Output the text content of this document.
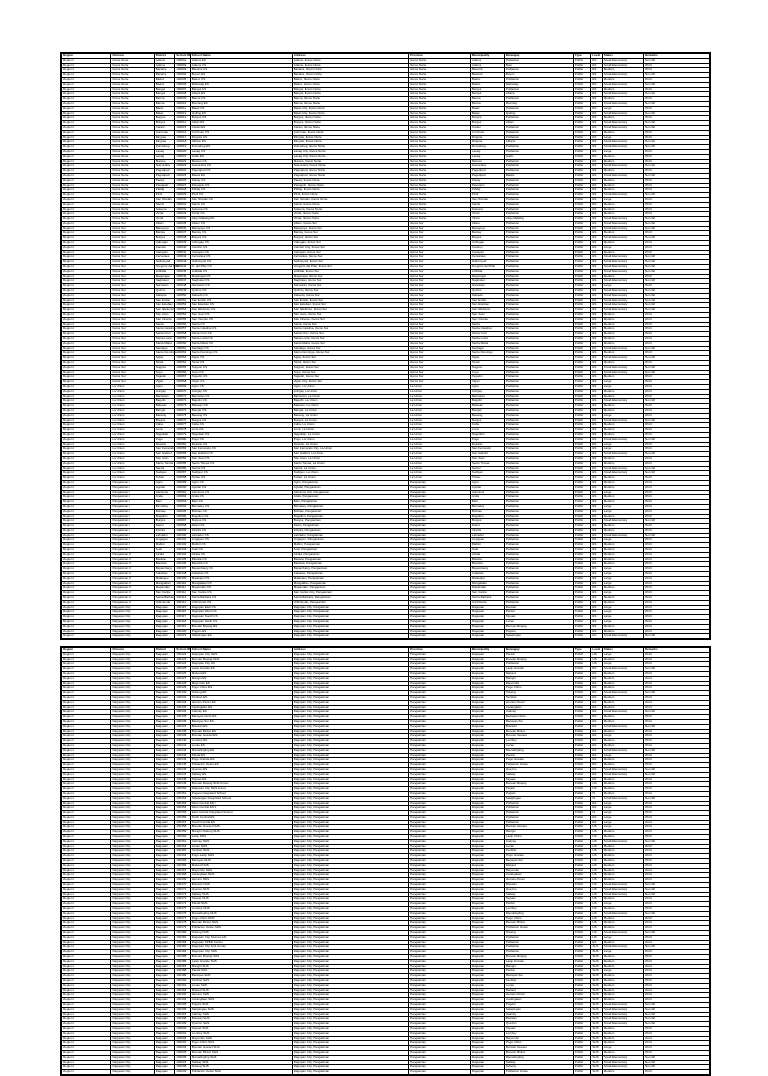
Region	Division	District	School ID	School Name	Address	Province	Municipality	Barangay	Type	Level	Status	Remarks
Region I	Ilocos Norte	Adams	100001	Adams ES	Adams, Ilocos Norte	Ilocos Norte	Adams	Poblacion	Public	ES	Small Elementary	Non-Wi
Region I	Ilocos Norte	Adams	100002	Adams CS	Adams, Ilocos Norte	Ilocos Norte	Adams	Bolo	Public	ES	Small Elementary	Wi-Fi
Region I	Ilocos Norte	Bacarra	100003	Bacarra CS	Bacarra, Ilocos Norte	Ilocos Norte	Bacarra	Poblacion	Public	ES	Medium	Wi-Fi
Region I	Ilocos Norte	Bacarra	100004	Buyon ES	Bacarra, Ilocos Norte	Ilocos Norte	Bacarra	Buyon	Public	ES	Small Elementary	Non-Wi
Region I	Ilocos Norte	Badoc	100005	Badoc CS	Badoc, Ilocos Norte	Ilocos Norte	Badoc	Poblacion	Public	ES	Medium	Wi-Fi
Region I	Ilocos Norte	Badoc	100006	Mabusag ES	Badoc, Ilocos Norte	Ilocos Norte	Badoc	Mabusag	Public	ES	Small Elementary	Non-Wi
Region I	Ilocos Norte	Bangui	100007	Bangui CS	Bangui, Ilocos Norte	Ilocos Norte	Bangui	Poblacion	Public	ES	Medium	Wi-Fi
Region I	Ilocos Norte	Bangui	100008	Abaca ES	Bangui, Ilocos Norte	Ilocos Norte	Bangui	Abaca	Public	ES	Small Elementary	Non-Wi
Region I	Ilocos Norte	Banna	100009	Banna CS	Banna, Ilocos Norte	Ilocos Norte	Banna	Poblacion	Public	ES	Medium	Wi-Fi
Region I	Ilocos Norte	Banna	100010	Bomitog ES	Banna, Ilocos Norte	Ilocos Norte	Banna	Bomitog	Public	ES	Small Elementary	Non-Wi
Region I	Ilocos Norte	Batac	100011	Batac CS	Batac City, Ilocos Norte	Ilocos Norte	Batac	Poblacion	Public	ES	Large	Wi-Fi
Region I	Ilocos Norte	Batac	100012	Quiling ES	Batac City, Ilocos Norte	Ilocos Norte	Batac	Quiling	Public	ES	Small Elementary	Non-Wi
Region I	Ilocos Norte	Burgos	100013	Burgos CS	Burgos, Ilocos Norte	Ilocos Norte	Burgos	Poblacion	Public	ES	Medium	Wi-Fi
Region I	Ilocos Norte	Burgos	100014	Ablan ES	Burgos, Ilocos Norte	Ilocos Norte	Burgos	Ablan	Public	ES	Small Elementary	Non-Wi
Region I	Ilocos Norte	Carasi	100015	Carasi ES	Carasi, Ilocos Norte	Ilocos Norte	Carasi	Poblacion	Public	ES	Small Elementary	Non-Wi
Region I	Ilocos Norte	Currimao	100016	Currimao CS	Currimao, Ilocos Norte	Ilocos Norte	Currimao	Poblacion	Public	ES	Medium	Wi-Fi
Region I	Ilocos Norte	Dingras	100017	Dingras CS	Dingras, Ilocos Norte	Ilocos Norte	Dingras	Poblacion	Public	ES	Large	Wi-Fi
Region I	Ilocos Norte	Dingras	100018	Albano ES	Dingras, Ilocos Norte	Ilocos Norte	Dingras	Albano	Public	ES	Small Elementary	Non-Wi
Region I	Ilocos Norte	Dumalneg	100019	Dumalneg ES	Dumalneg, Ilocos Norte	Ilocos Norte	Dumalneg	Poblacion	Public	ES	Small Elementary	Non-Wi
Region I	Ilocos Norte	Laoag	100020	Laoag CS	Laoag City, Ilocos Norte	Ilocos Norte	Laoag	Poblacion	Public	ES	Large	Wi-Fi
Region I	Ilocos Norte	Laoag	100021	Gabu ES	Laoag City, Ilocos Norte	Ilocos Norte	Laoag	Gabu	Public	ES	Medium	Wi-Fi
Region I	Ilocos Norte	Marcos	100022	Marcos CS	Marcos, Ilocos Norte	Ilocos Norte	Marcos	Poblacion	Public	ES	Medium	Wi-Fi
Region I	Ilocos Norte	Nueva Era	100023	Nueva Era CS	Nueva Era, Ilocos Norte	Ilocos Norte	Nueva Era	Poblacion	Public	ES	Small Elementary	Non-Wi
Region I	Ilocos Norte	Pagudpud	100024	Pagudpud CS	Pagudpud, Ilocos Norte	Ilocos Norte	Pagudpud	Poblacion	Public	ES	Medium	Wi-Fi
Region I	Ilocos Norte	Pagudpud	100025	Balaoi ES	Pagudpud, Ilocos Norte	Ilocos Norte	Pagudpud	Balaoi	Public	ES	Small Elementary	Non-Wi
Region I	Ilocos Norte	Paoay	100026	Paoay CS	Paoay, Ilocos Norte	Ilocos Norte	Paoay	Poblacion	Public	ES	Medium	Wi-Fi
Region I	Ilocos Norte	Pasuquin	100027	Pasuquin CS	Pasuquin, Ilocos Norte	Ilocos Norte	Pasuquin	Poblacion	Public	ES	Medium	Wi-Fi
Region I	Ilocos Norte	Piddig	100028	Piddig CS	Piddig, Ilocos Norte	Ilocos Norte	Piddig	Poblacion	Public	ES	Medium	Wi-Fi
Region I	Ilocos Norte	Pinili	100029	Pinili CS	Pinili, Ilocos Norte	Ilocos Norte	Pinili	Poblacion	Public	ES	Small Elementary	Non-Wi
Region I	Ilocos Norte	San Nicolas	100030	San Nicolas CS	San Nicolas, Ilocos Norte	Ilocos Norte	San Nicolas	Poblacion	Public	ES	Large	Wi-Fi
Region I	Ilocos Norte	Sarrat	100031	Sarrat CS	Sarrat, Ilocos Norte	Ilocos Norte	Sarrat	Poblacion	Public	ES	Medium	Wi-Fi
Region I	Ilocos Norte	Solsona	100032	Solsona CS	Solsona, Ilocos Norte	Ilocos Norte	Solsona	Poblacion	Public	ES	Medium	Wi-Fi
Region I	Ilocos Norte	Vintar	100033	Vintar CS	Vintar, Ilocos Norte	Ilocos Norte	Vintar	Poblacion	Public	ES	Medium	Wi-Fi
Region I	Ilocos Norte	Vintar	100034	Alejo Malasig ES	Vintar, Ilocos Norte	Ilocos Norte	Vintar	Alejo Malasig	Public	ES	Small Elementary	Non-Wi
Region I	Ilocos Sur	Alilem	100035	Alilem CS	Alilem, Ilocos Sur	Ilocos Sur	Alilem	Poblacion	Public	ES	Small Elementary	Non-Wi
Region I	Ilocos Sur	Banayoyo	100036	Banayoyo CS	Banayoyo, Ilocos Sur	Ilocos Sur	Banayoyo	Poblacion	Public	ES	Small Elementary	Non-Wi
Region I	Ilocos Sur	Bantay	100037	Bantay CS	Bantay, Ilocos Sur	Ilocos Sur	Bantay	Poblacion	Public	ES	Medium	Wi-Fi
Region I	Ilocos Sur	Burgos	100038	Burgos CS	Burgos, Ilocos Sur	Ilocos Sur	Burgos	Poblacion	Public	ES	Small Elementary	Non-Wi
Region I	Ilocos Sur	Cabugao	100039	Cabugao CS	Cabugao, Ilocos Sur	Ilocos Sur	Cabugao	Poblacion	Public	ES	Medium	Wi-Fi
Region I	Ilocos Sur	Candon	100040	Candon CS	Candon City, Ilocos Sur	Ilocos Sur	Candon	Poblacion	Public	ES	Large	Wi-Fi
Region I	Ilocos Sur	Caoayan	100041	Caoayan CS	Caoayan, Ilocos Sur	Ilocos Sur	Caoayan	Poblacion	Public	ES	Medium	Wi-Fi
Region I	Ilocos Sur	Cervantes	100042	Cervantes CS	Cervantes, Ilocos Sur	Ilocos Sur	Cervantes	Poblacion	Public	ES	Small Elementary	Non-Wi
Region I	Ilocos Sur	Galimuyod	100043	Galimuyod CS	Galimuyod, Ilocos Sur	Ilocos Sur	Galimuyod	Poblacion	Public	ES	Small Elementary	Non-Wi
Region I	Ilocos Sur	Gregorio del Pilar	100044	G. del Pilar CS	Gregorio del Pilar, Ilocos Sur	Ilocos Sur	Gregorio del Pilar	Poblacion	Public	ES	Small Elementary	Non-Wi
Region I	Ilocos Sur	Lidlidda	100045	Lidlidda CS	Lidlidda, Ilocos Sur	Ilocos Sur	Lidlidda	Poblacion	Public	ES	Small Elementary	Non-Wi
Region I	Ilocos Sur	Magsingal	100046	Magsingal CS	Magsingal, Ilocos Sur	Ilocos Sur	Magsingal	Poblacion	Public	ES	Medium	Wi-Fi
Region I	Ilocos Sur	Nagbukel	100047	Nagbukel CS	Nagbukel, Ilocos Sur	Ilocos Sur	Nagbukel	Poblacion	Public	ES	Small Elementary	Non-Wi
Region I	Ilocos Sur	Narvacan	100048	Narvacan CS	Narvacan, Ilocos Sur	Ilocos Sur	Narvacan	Poblacion	Public	ES	Large	Wi-Fi
Region I	Ilocos Sur	Quirino	100049	Quirino CS	Quirino, Ilocos Sur	Ilocos Sur	Quirino	Poblacion	Public	ES	Small Elementary	Non-Wi
Region I	Ilocos Sur	Salcedo	100050	Salcedo CS	Salcedo, Ilocos Sur	Ilocos Sur	Salcedo	Poblacion	Public	ES	Small Elementary	Non-Wi
Region I	Ilocos Sur	San Emilio	100051	San Emilio CS	San Emilio, Ilocos Sur	Ilocos Sur	San Emilio	Poblacion	Public	ES	Small Elementary	Non-Wi
Region I	Ilocos Sur	San Esteban	100052	San Esteban CS	San Esteban, Ilocos Sur	Ilocos Sur	San Esteban	Poblacion	Public	ES	Small Elementary	Non-Wi
Region I	Ilocos Sur	San Ildefonso	100053	San Ildefonso CS	San Ildefonso, Ilocos Sur	Ilocos Sur	San Ildefonso	Poblacion	Public	ES	Small Elementary	Non-Wi
Region I	Ilocos Sur	San Juan	100054	San Juan CS	San Juan, Ilocos Sur	Ilocos Sur	San Juan	Poblacion	Public	ES	Medium	Wi-Fi
Region I	Ilocos Sur	San Vicente	100055	San Vicente CS	San Vicente, Ilocos Sur	Ilocos Sur	San Vicente	Poblacion	Public	ES	Medium	Wi-Fi
Region I	Ilocos Sur	Santa	100056	Santa CS	Santa, Ilocos Sur	Ilocos Sur	Santa	Poblacion	Public	ES	Medium	Wi-Fi
Region I	Ilocos Sur	Santa Catalina	100057	Santa Catalina CS	Santa Catalina, Ilocos Sur	Ilocos Sur	Santa Catalina	Poblacion	Public	ES	Medium	Wi-Fi
Region I	Ilocos Sur	Santa Cruz	100058	Santa Cruz CS	Santa Cruz, Ilocos Sur	Ilocos Sur	Santa Cruz	Poblacion	Public	ES	Medium	Wi-Fi
Region I	Ilocos Sur	Santa Lucia	100059	Santa Lucia CS	Santa Lucia, Ilocos Sur	Ilocos Sur	Santa Lucia	Poblacion	Public	ES	Medium	Wi-Fi
Region I	Ilocos Sur	Santa Maria	100060	Santa Maria CS	Santa Maria, Ilocos Sur	Ilocos Sur	Santa Maria	Poblacion	Public	ES	Medium	Wi-Fi
Region I	Ilocos Sur	Santiago	100061	Santiago CS	Santiago, Ilocos Sur	Ilocos Sur	Santiago	Poblacion	Public	ES	Small Elementary	Non-Wi
Region I	Ilocos Sur	Santo Domingo	100062	Santo Domingo CS	Santo Domingo, Ilocos Sur	Ilocos Sur	Santo Domingo	Poblacion	Public	ES	Medium	Wi-Fi
Region I	Ilocos Sur	Sigay	100063	Sigay CS	Sigay, Ilocos Sur	Ilocos Sur	Sigay	Poblacion	Public	ES	Small Elementary	Non-Wi
Region I	Ilocos Sur	Sinait	100064	Sinait CS	Sinait, Ilocos Sur	Ilocos Sur	Sinait	Poblacion	Public	ES	Medium	Wi-Fi
Region I	Ilocos Sur	Sugpon	100065	Sugpon CS	Sugpon, Ilocos Sur	Ilocos Sur	Sugpon	Poblacion	Public	ES	Small Elementary	Non-Wi
Region I	Ilocos Sur	Suyo	100066	Suyo CS	Suyo, Ilocos Sur	Ilocos Sur	Suyo	Poblacion	Public	ES	Small Elementary	Non-Wi
Region I	Ilocos Sur	Tagudin	100067	Tagudin CS	Tagudin, Ilocos Sur	Ilocos Sur	Tagudin	Poblacion	Public	ES	Medium	Wi-Fi
Region I	Ilocos Sur	Vigan	100068	Vigan CS	Vigan City, Ilocos Sur	Ilocos Sur	Vigan	Poblacion	Public	ES	Large	Wi-Fi
Region I	La Union	Agoo	100069	Agoo CS	Agoo, La Union	La Union	Agoo	Poblacion	Public	ES	Large	Wi-Fi
Region I	La Union	Aringay	100070	Aringay CS	Aringay, La Union	La Union	Aringay	Poblacion	Public	ES	Medium	Wi-Fi
Region I	La Union	Bacnotan	100071	Bacnotan CS	Bacnotan, La Union	La Union	Bacnotan	Poblacion	Public	ES	Medium	Wi-Fi
Region I	La Union	Bagulin	100072	Bagulin CS	Bagulin, La Union	La Union	Bagulin	Poblacion	Public	ES	Small Elementary	Non-Wi
Region I	La Union	Balaoan	100073	Balaoan CS	Balaoan, La Union	La Union	Balaoan	Poblacion	Public	ES	Medium	Wi-Fi
Region I	La Union	Bangar	100074	Bangar CS	Bangar, La Union	La Union	Bangar	Poblacion	Public	ES	Medium	Wi-Fi
Region I	La Union	Bauang	100075	Bauang CS	Bauang, La Union	La Union	Bauang	Poblacion	Public	ES	Large	Wi-Fi
Region I	La Union	Burgos	100076	Burgos CS	Burgos, La Union	La Union	Burgos	Poblacion	Public	ES	Small Elementary	Non-Wi
Region I	La Union	Caba	100077	Caba CS	Caba, La Union	La Union	Caba	Poblacion	Public	ES	Medium	Wi-Fi
Region I	La Union	Luna	100078	Luna CS	Luna, La Union	La Union	Luna	Poblacion	Public	ES	Medium	Wi-Fi
Region I	La Union	Naguilian	100079	Naguilian CS	Naguilian, La Union	La Union	Naguilian	Poblacion	Public	ES	Medium	Wi-Fi
Region I	La Union	Pugo	100080	Pugo CS	Pugo, La Union	La Union	Pugo	Poblacion	Public	ES	Small Elementary	Non-Wi
Region I	La Union	Rosario	100081	Rosario CS	Rosario, La Union	La Union	Rosario	Poblacion	Public	ES	Large	Wi-Fi
Region I	La Union	San Fernando	100082	San Fernando CS	San Fernando City, La Union	La Union	San Fernando	Poblacion	Public	ES	Large	Wi-Fi
Region I	La Union	San Gabriel	100083	San Gabriel CS	San Gabriel, La Union	La Union	San Gabriel	Poblacion	Public	ES	Small Elementary	Non-Wi
Region I	La Union	San Juan	100084	San Juan CS	San Juan, La Union	La Union	San Juan	Poblacion	Public	ES	Medium	Wi-Fi
Region I	La Union	Santo Tomas	100085	Santo Tomas CS	Santo Tomas, La Union	La Union	Santo Tomas	Poblacion	Public	ES	Medium	Wi-Fi
Region I	La Union	Santol	100086	Santol CS	Santol, La Union	La Union	Santol	Poblacion	Public	ES	Small Elementary	Non-Wi
Region I	La Union	Sudipen	100087	Sudipen CS	Sudipen, La Union	La Union	Sudipen	Poblacion	Public	ES	Small Elementary	Non-Wi
Region I	La Union	Tubao	100088	Tubao CS	Tubao, La Union	La Union	Tubao	Poblacion	Public	ES	Medium	Wi-Fi
Region I	Pangasinan I	Agno	100089	Agno CS	Agno, Pangasinan	Pangasinan	Agno	Poblacion	Public	ES	Medium	Wi-Fi
Region I	Pangasinan I	Aguilar	100090	Aguilar CS	Aguilar, Pangasinan	Pangasinan	Aguilar	Poblacion	Public	ES	Medium	Wi-Fi
Region I	Pangasinan I	Alaminos	100091	Alaminos CS	Alaminos City, Pangasinan	Pangasinan	Alaminos	Poblacion	Public	ES	Large	Wi-Fi
Region I	Pangasinan I	Anda	100092	Anda CS	Anda, Pangasinan	Pangasinan	Anda	Poblacion	Public	ES	Medium	Wi-Fi
Region I	Pangasinan I	Bani	100093	Bani CS	Bani, Pangasinan	Pangasinan	Bani	Poblacion	Public	ES	Medium	Wi-Fi
Region I	Pangasinan I	Binmaley	100094	Binmaley CS	Binmaley, Pangasinan	Pangasinan	Binmaley	Poblacion	Public	ES	Large	Wi-Fi
Region I	Pangasinan I	Bolinao	100095	Bolinao CS	Bolinao, Pangasinan	Pangasinan	Bolinao	Poblacion	Public	ES	Large	Wi-Fi
Region I	Pangasinan I	Bugallon	100096	Bugallon CS	Bugallon, Pangasinan	Pangasinan	Bugallon	Poblacion	Public	ES	Medium	Wi-Fi
Region I	Pangasinan I	Burgos	100097	Burgos CS	Burgos, Pangasinan	Pangasinan	Burgos	Poblacion	Public	ES	Small Elementary	Non-Wi
Region I	Pangasinan I	Dasol	100098	Dasol CS	Dasol, Pangasinan	Pangasinan	Dasol	Poblacion	Public	ES	Medium	Wi-Fi
Region I	Pangasinan I	Infanta	100099	Infanta CS	Infanta, Pangasinan	Pangasinan	Infanta	Poblacion	Public	ES	Medium	Wi-Fi
Region I	Pangasinan I	Labrador	100100	Labrador CS	Labrador, Pangasinan	Pangasinan	Labrador	Poblacion	Public	ES	Small Elementary	Non-Wi
Region I	Pangasinan I	Lingayen	100101	Lingayen CS	Lingayen, Pangasinan	Pangasinan	Lingayen	Poblacion	Public	ES	Large	Wi-Fi
Region I	Pangasinan I	Mabini	100102	Mabini CS	Mabini, Pangasinan	Pangasinan	Mabini	Poblacion	Public	ES	Medium	Wi-Fi
Region I	Pangasinan I	Sual	100103	Sual CS	Sual, Pangasinan	Pangasinan	Sual	Poblacion	Public	ES	Medium	Wi-Fi
Region I	Pangasinan II	Alcala	100104	Alcala CS	Alcala, Pangasinan	Pangasinan	Alcala	Poblacion	Public	ES	Medium	Wi-Fi
Region I	Pangasinan II	Basista	100105	Basista CS	Basista, Pangasinan	Pangasinan	Basista	Poblacion	Public	ES	Medium	Wi-Fi
Region I	Pangasinan II	Bautista	100106	Bautista CS	Bautista, Pangasinan	Pangasinan	Bautista	Poblacion	Public	ES	Medium	Wi-Fi
Region I	Pangasinan II	Bayambang	100107	Bayambang CS	Bayambang, Pangasinan	Pangasinan	Bayambang	Poblacion	Public	ES	Large	Wi-Fi
Region I	Pangasinan II	Calasiao	100108	Calasiao CS	Calasiao, Pangasinan	Pangasinan	Calasiao	Poblacion	Public	ES	Large	Wi-Fi
Region I	Pangasinan II	Malasiqui	100109	Malasiqui CS	Malasiqui, Pangasinan	Pangasinan	Malasiqui	Poblacion	Public	ES	Large	Wi-Fi
Region I	Pangasinan II	Mangaldan	100110	Mangaldan CS	Mangaldan, Pangasinan	Pangasinan	Mangaldan	Poblacion	Public	ES	Large	Wi-Fi
Region I	Pangasinan II	Mapandan	100111	Mapandan CS	Mapandan, Pangasinan	Pangasinan	Mapandan	Poblacion	Public	ES	Medium	Wi-Fi
Region I	Pangasinan II	San Carlos	100112	San Carlos CS	San Carlos City, Pangasinan	Pangasinan	San Carlos	Poblacion	Public	ES	Large	Wi-Fi
Region I	Pangasinan II	Santa Barbara	100113	Santa Barbara CS	Santa Barbara, Pangasinan	Pangasinan	Santa Barbara	Poblacion	Public	ES	Medium	Wi-Fi
Region I	Pangasinan II	Urbiztondo	100114	Urbiztondo CS	Urbiztondo, Pangasinan	Pangasinan	Urbiztondo	Poblacion	Public	ES	Medium	Wi-Fi
Region I	Dagupan City	Dagupan	100115	Dagupan East CS	Dagupan City, Pangasinan	Pangasinan	Dagupan	Bonuan	Public	ES	Large	Wi-Fi
Region I	Dagupan City	Dagupan	100116	Dagupan West CS	Dagupan City, Pangasinan	Pangasinan	Dagupan	Pantal	Public	ES	Large	Wi-Fi
Region I	Dagupan City	Dagupan	100117	Dagupan South CS	Dagupan City, Pangasinan	Pangasinan	Dagupan	Tapuac	Public	ES	Large	Wi-Fi
Region I	Dagupan City	Dagupan	100118	Dagupan North CS	Dagupan City, Pangasinan	Pangasinan	Dagupan	Lucao	Public	ES	Large	Wi-Fi
Region I	Dagupan City	Dagupan	100119	Bonuan Boquig ES	Dagupan City, Pangasinan	Pangasinan	Dagupan	Bonuan Boquig	Public	ES	Medium	Wi-Fi
Region I	Dagupan City	Dagupan	100120	Pugaro ES	Dagupan City, Pangasinan	Pangasinan	Dagupan	Pugaro	Public	ES	Medium	Wi-Fi
Region I	Dagupan City	Dagupan	100121	Salapingao ES	Dagupan City, Pangasinan	Pangasinan	Dagupan	Salapingao	Public	ES	Small Elementary	Non-Wi
Region	Division	District	School ID	School Name	Address	Province	Municipality	Barangay	Type	Level	Status	Remarks
Region I	Dagupan City	Dagupan	100122	Dagupan City NHS	Dagupan City, Pangasinan	Pangasinan	Dagupan	Pantal	Public	HS	Large	Wi-Fi
Region I	Dagupan City	Dagupan	100123	Bonuan Boquig NHS	Dagupan City, Pangasinan	Pangasinan	Dagupan	Bonuan Boquig	Public	HS	Medium	Wi-Fi
Region I	Dagupan City	Dagupan	100124	Dagupan City HS	Dagupan City, Pangasinan	Pangasinan	Dagupan	Poblacion	Public	HS	Large	Wi-Fi
Region I	Dagupan City	Dagupan	100125	Lasip Grande ES	Dagupan City, Pangasinan	Pangasinan	Dagupan	Lasip Grande	Public	ES	Small Elementary	Non-Wi
Region I	Dagupan City	Dagupan	100126	Malued ES	Dagupan City, Pangasinan	Pangasinan	Dagupan	Malued	Public	ES	Medium	Wi-Fi
Region I	Dagupan City	Dagupan	100127	Mangin ES	Dagupan City, Pangasinan	Pangasinan	Dagupan	Mangin	Public	ES	Medium	Wi-Fi
Region I	Dagupan City	Dagupan	100128	Mayombo ES	Dagupan City, Pangasinan	Pangasinan	Dagupan	Mayombo	Public	ES	Medium	Wi-Fi
Region I	Dagupan City	Dagupan	100129	Pogo Chico ES	Dagupan City, Pangasinan	Pangasinan	Dagupan	Pogo Chico	Public	ES	Medium	Wi-Fi
Region I	Dagupan City	Dagupan	100130	Tebeng ES	Dagupan City, Pangasinan	Pangasinan	Dagupan	Tebeng	Public	ES	Small Elementary	Non-Wi
Region I	Dagupan City	Dagupan	100131	Tambac ES	Dagupan City, Pangasinan	Pangasinan	Dagupan	Tambac	Public	ES	Medium	Wi-Fi
Region I	Dagupan City	Dagupan	100132	Herrero-Perez ES	Dagupan City, Pangasinan	Pangasinan	Dagupan	Herrero-Perez	Public	ES	Medium	Wi-Fi
Region I	Dagupan City	Dagupan	100133	Caranglaan ES	Dagupan City, Pangasinan	Pangasinan	Dagupan	Caranglaan	Public	ES	Medium	Wi-Fi
Region I	Dagupan City	Dagupan	100134	Calmay ES	Dagupan City, Pangasinan	Pangasinan	Dagupan	Calmay	Public	ES	Small Elementary	Non-Wi
Region I	Dagupan City	Dagupan	100135	Bacayao Norte ES	Dagupan City, Pangasinan	Pangasinan	Dagupan	Bacayao Norte	Public	ES	Medium	Wi-Fi
Region I	Dagupan City	Dagupan	100136	Bacayao Sur ES	Dagupan City, Pangasinan	Pangasinan	Dagupan	Bacayao Sur	Public	ES	Medium	Wi-Fi
Region I	Dagupan City	Dagupan	100137	Bolosan ES	Dagupan City, Pangasinan	Pangasinan	Dagupan	Bolosan	Public	ES	Small Elementary	Non-Wi
Region I	Dagupan City	Dagupan	100138	Bonuan Binloc ES	Dagupan City, Pangasinan	Pangasinan	Dagupan	Bonuan Binloc	Public	ES	Medium	Wi-Fi
Region I	Dagupan City	Dagupan	100139	Bonuan Gueset ES	Dagupan City, Pangasinan	Pangasinan	Dagupan	Bonuan Gueset	Public	ES	Large	Wi-Fi
Region I	Dagupan City	Dagupan	100140	Lomboy ES	Dagupan City, Pangasinan	Pangasinan	Dagupan	Lomboy	Public	ES	Medium	Wi-Fi
Region I	Dagupan City	Dagupan	100141	Lucao ES	Dagupan City, Pangasinan	Pangasinan	Dagupan	Lucao	Public	ES	Medium	Wi-Fi
Region I	Dagupan City	Dagupan	100142	Mamalingling ES	Dagupan City, Pangasinan	Pangasinan	Dagupan	Mamalingling	Public	ES	Small Elementary	Non-Wi
Region I	Dagupan City	Dagupan	100143	Pantal ES	Dagupan City, Pangasinan	Pangasinan	Dagupan	Pantal	Public	ES	Large	Wi-Fi
Region I	Dagupan City	Dagupan	100144	Pogo Grande ES	Dagupan City, Pangasinan	Pangasinan	Dagupan	Pogo Grande	Public	ES	Medium	Wi-Fi
Region I	Dagupan City	Dagupan	100145	Poblacion Oeste ES	Dagupan City, Pangasinan	Pangasinan	Dagupan	Poblacion Oeste	Public	ES	Medium	Wi-Fi
Region I	Dagupan City	Dagupan	100146	Quezon ES	Dagupan City, Pangasinan	Pangasinan	Dagupan	Quezon	Public	ES	Small Elementary	Non-Wi
Region I	Dagupan City	Dagupan	100147	Salisay ES	Dagupan City, Pangasinan	Pangasinan	Dagupan	Salisay	Public	ES	Small Elementary	Non-Wi
Region I	Dagupan City	Dagupan	100148	Tapuac ES	Dagupan City, Pangasinan	Pangasinan	Dagupan	Tapuac	Public	ES	Medium	Wi-Fi
Region I	Dagupan City	Dagupan	100149	Bonuan Boquig NHS Annex	Dagupan City, Pangasinan	Pangasinan	Dagupan	Bonuan Boquig	Public	HS	Medium	Wi-Fi
Region I	Dagupan City	Dagupan	100150	Dagupan City NHS Annex	Dagupan City, Pangasinan	Pangasinan	Dagupan	Pantal	Public	HS	Medium	Wi-Fi
Region I	Dagupan City	Dagupan	100151	Pugaro Integrated School	Dagupan City, Pangasinan	Pangasinan	Dagupan	Pugaro	Public	IS	Medium	Wi-Fi
Region I	Dagupan City	Dagupan	100152	Salapingao Integrated School	Dagupan City, Pangasinan	Pangasinan	Dagupan	Salapingao	Public	IS	Small Elementary	Non-Wi
Region I	Dagupan City	Dagupan	100153	West Central ES I	Dagupan City, Pangasinan	Pangasinan	Dagupan	Poblacion	Public	ES	Large	Wi-Fi
Region I	Dagupan City	Dagupan	100154	West Central ES II	Dagupan City, Pangasinan	Pangasinan	Dagupan	Poblacion	Public	ES	Large	Wi-Fi
Region I	Dagupan City	Dagupan	100155	East Central Integrated School	Dagupan City, Pangasinan	Pangasinan	Dagupan	Poblacion	Public	IS	Large	Wi-Fi
Region I	Dagupan City	Dagupan	100156	North Central ES	Dagupan City, Pangasinan	Pangasinan	Dagupan	Poblacion	Public	ES	Large	Wi-Fi
Region I	Dagupan City	Dagupan	100157	South Central ES	Dagupan City, Pangasinan	Pangasinan	Dagupan	Poblacion	Public	ES	Large	Wi-Fi
Region I	Dagupan City	Dagupan	100158	Bonuan Gueset NHS	Dagupan City, Pangasinan	Pangasinan	Dagupan	Bonuan Gueset	Public	HS	Large	Wi-Fi
Region I	Dagupan City	Dagupan	100159	Mangin-Tebeng NHS	Dagupan City, Pangasinan	Pangasinan	Dagupan	Mangin	Public	HS	Medium	Wi-Fi
Region I	Dagupan City	Dagupan	100160	Lasip NHS	Dagupan City, Pangasinan	Pangasinan	Dagupan	Lasip Chico	Public	HS	Medium	Wi-Fi
Region I	Dagupan City	Dagupan	100161	Calmay NHS	Dagupan City, Pangasinan	Pangasinan	Dagupan	Calmay	Public	HS	Small Elementary	Non-Wi
Region I	Dagupan City	Dagupan	100162	Lucao NHS	Dagupan City, Pangasinan	Pangasinan	Dagupan	Lucao	Public	HS	Medium	Wi-Fi
Region I	Dagupan City	Dagupan	100163	Tambac NHS	Dagupan City, Pangasinan	Pangasinan	Dagupan	Tambac	Public	HS	Medium	Wi-Fi
Region I	Dagupan City	Dagupan	100164	Pogo-Lasip NHS	Dagupan City, Pangasinan	Pangasinan	Dagupan	Pogo Grande	Public	HS	Medium	Wi-Fi
Region I	Dagupan City	Dagupan	100165	Bacayao NHS	Dagupan City, Pangasinan	Pangasinan	Dagupan	Bacayao Sur	Public	HS	Medium	Wi-Fi
Region I	Dagupan City	Dagupan	100166	Malued NHS	Dagupan City, Pangasinan	Pangasinan	Dagupan	Malued	Public	HS	Medium	Wi-Fi
Region I	Dagupan City	Dagupan	100167	Mayombo NHS	Dagupan City, Pangasinan	Pangasinan	Dagupan	Mayombo	Public	HS	Medium	Wi-Fi
Region I	Dagupan City	Dagupan	100168	Caranglaan NHS	Dagupan City, Pangasinan	Pangasinan	Dagupan	Caranglaan	Public	HS	Medium	Wi-Fi
Region I	Dagupan City	Dagupan	100169	Herrero NHS	Dagupan City, Pangasinan	Pangasinan	Dagupan	Herrero-Perez	Public	HS	Medium	Wi-Fi
Region I	Dagupan City	Dagupan	100170	Bolosan NHS	Dagupan City, Pangasinan	Pangasinan	Dagupan	Bolosan	Public	HS	Small Elementary	Non-Wi
Region I	Dagupan City	Dagupan	100171	Quezon NHS	Dagupan City, Pangasinan	Pangasinan	Dagupan	Quezon	Public	HS	Small Elementary	Non-Wi
Region I	Dagupan City	Dagupan	100172	Salisay NHS	Dagupan City, Pangasinan	Pangasinan	Dagupan	Salisay	Public	HS	Small Elementary	Non-Wi
Region I	Dagupan City	Dagupan	100173	Tapuac NHS	Dagupan City, Pangasinan	Pangasinan	Dagupan	Tapuac	Public	HS	Medium	Wi-Fi
Region I	Dagupan City	Dagupan	100174	Pantal NHS	Dagupan City, Pangasinan	Pangasinan	Dagupan	Pantal	Public	HS	Large	Wi-Fi
Region I	Dagupan City	Dagupan	100175	Lomboy NHS	Dagupan City, Pangasinan	Pangasinan	Dagupan	Lomboy	Public	HS	Medium	Wi-Fi
Region I	Dagupan City	Dagupan	100176	Mamalingling NHS	Dagupan City, Pangasinan	Pangasinan	Dagupan	Mamalingling	Public	HS	Small Elementary	Non-Wi
Region I	Dagupan City	Dagupan	100177	Pogo Chico NHS	Dagupan City, Pangasinan	Pangasinan	Dagupan	Pogo Chico	Public	HS	Medium	Wi-Fi
Region I	Dagupan City	Dagupan	100178	Bonuan Binloc NHS	Dagupan City, Pangasinan	Pangasinan	Dagupan	Bonuan Binloc	Public	HS	Medium	Wi-Fi
Region I	Dagupan City	Dagupan	100179	Poblacion Oeste NHS	Dagupan City, Pangasinan	Pangasinan	Dagupan	Poblacion Oeste	Public	HS	Medium	Wi-Fi
Region I	Dagupan City	Dagupan	100180	Tebeng NHS	Dagupan City, Pangasinan	Pangasinan	Dagupan	Tebeng	Public	HS	Small Elementary	Non-Wi
Region I	Dagupan City	Dagupan	100181	Dagupan City Science HS	Dagupan City, Pangasinan	Pangasinan	Dagupan	Poblacion	Public	HS	Large	Wi-Fi
Region I	Dagupan City	Dagupan	100182	Dagupan SPED Center	Dagupan City, Pangasinan	Pangasinan	Dagupan	Poblacion	Public	ES	Medium	Wi-Fi
Region I	Dagupan City	Dagupan	100183	Dagupan City ALS Center	Dagupan City, Pangasinan	Pangasinan	Dagupan	Poblacion	Public	ALS	Small Elementary	Non-Wi
Region I	Dagupan City	Dagupan	100184	Dagupan City SHS	Dagupan City, Pangasinan	Pangasinan	Dagupan	Poblacion	Public	SHS	Large	Wi-Fi
Region I	Dagupan City	Dagupan	100185	Bonuan Boquig SHS	Dagupan City, Pangasinan	Pangasinan	Dagupan	Bonuan Boquig	Public	SHS	Medium	Wi-Fi
Region I	Dagupan City	Dagupan	100186	Lasip Grande SHS	Dagupan City, Pangasinan	Pangasinan	Dagupan	Lasip Grande	Public	SHS	Medium	Wi-Fi
Region I	Dagupan City	Dagupan	100187	Mangin SHS	Dagupan City, Pangasinan	Pangasinan	Dagupan	Mangin	Public	SHS	Medium	Wi-Fi
Region I	Dagupan City	Dagupan	100188	Pantal SHS	Dagupan City, Pangasinan	Pangasinan	Dagupan	Pantal	Public	SHS	Large	Wi-Fi
Region I	Dagupan City	Dagupan	100189	Bacayao SHS	Dagupan City, Pangasinan	Pangasinan	Dagupan	Bacayao Sur	Public	SHS	Medium	Wi-Fi
Region I	Dagupan City	Dagupan	100190	Tambac SHS	Dagupan City, Pangasinan	Pangasinan	Dagupan	Tambac	Public	SHS	Medium	Wi-Fi
Region I	Dagupan City	Dagupan	100191	Lucao SHS	Dagupan City, Pangasinan	Pangasinan	Dagupan	Lucao	Public	SHS	Medium	Wi-Fi
Region I	Dagupan City	Dagupan	100192	Malued SHS	Dagupan City, Pangasinan	Pangasinan	Dagupan	Malued	Public	SHS	Medium	Wi-Fi
Region I	Dagupan City	Dagupan	100193	Herrero SHS	Dagupan City, Pangasinan	Pangasinan	Dagupan	Herrero-Perez	Public	SHS	Medium	Wi-Fi
Region I	Dagupan City	Dagupan	100194	Caranglaan SHS	Dagupan City, Pangasinan	Pangasinan	Dagupan	Caranglaan	Public	SHS	Medium	Wi-Fi
Region I	Dagupan City	Dagupan	100195	Pugaro SHS	Dagupan City, Pangasinan	Pangasinan	Dagupan	Pugaro	Public	SHS	Small Elementary	Non-Wi
Region I	Dagupan City	Dagupan	100196	Salapingao SHS	Dagupan City, Pangasinan	Pangasinan	Dagupan	Salapingao	Public	SHS	Small Elementary	Non-Wi
Region I	Dagupan City	Dagupan	100197	Calmay SHS	Dagupan City, Pangasinan	Pangasinan	Dagupan	Calmay	Public	SHS	Small Elementary	Non-Wi
Region I	Dagupan City	Dagupan	100198	Bolosan SHS	Dagupan City, Pangasinan	Pangasinan	Dagupan	Bolosan	Public	SHS	Small Elementary	Non-Wi
Region I	Dagupan City	Dagupan	100199	Quezon SHS	Dagupan City, Pangasinan	Pangasinan	Dagupan	Quezon	Public	SHS	Small Elementary	Non-Wi
Region I	Dagupan City	Dagupan	100200	Tapuac SHS	Dagupan City, Pangasinan	Pangasinan	Dagupan	Tapuac	Public	SHS	Medium	Wi-Fi
Region I	Dagupan City	Dagupan	100201	Lomboy SHS	Dagupan City, Pangasinan	Pangasinan	Dagupan	Lomboy	Public	SHS	Medium	Wi-Fi
Region I	Dagupan City	Dagupan	100202	Mayombo SHS	Dagupan City, Pangasinan	Pangasinan	Dagupan	Mayombo	Public	SHS	Medium	Wi-Fi
Region I	Dagupan City	Dagupan	100203	Pogo Chico SHS	Dagupan City, Pangasinan	Pangasinan	Dagupan	Pogo Chico	Public	SHS	Medium	Wi-Fi
Region I	Dagupan City	Dagupan	100204	Bonuan Gueset SHS	Dagupan City, Pangasinan	Pangasinan	Dagupan	Bonuan Gueset	Public	SHS	Large	Wi-Fi
Region I	Dagupan City	Dagupan	100205	Bonuan Binloc SHS	Dagupan City, Pangasinan	Pangasinan	Dagupan	Bonuan Binloc	Public	SHS	Medium	Wi-Fi
Region I	Dagupan City	Dagupan	100206	Mamalingling SHS	Dagupan City, Pangasinan	Pangasinan	Dagupan	Mamalingling	Public	SHS	Small Elementary	Non-Wi
Region I	Dagupan City	Dagupan	100207	Salisay SHS	Dagupan City, Pangasinan	Pangasinan	Dagupan	Salisay	Public	SHS	Small Elementary	Non-Wi
Region I	Dagupan City	Dagupan	100208	Tebeng SHS	Dagupan City, Pangasinan	Pangasinan	Dagupan	Tebeng	Public	SHS	Small Elementary	Non-Wi
Region I	Dagupan City	Dagupan	100209	Poblacion Oeste SHS	Dagupan City, Pangasinan	Pangasinan	Dagupan	Poblacion Oeste	Public	SHS	Medium	Wi-Fi
